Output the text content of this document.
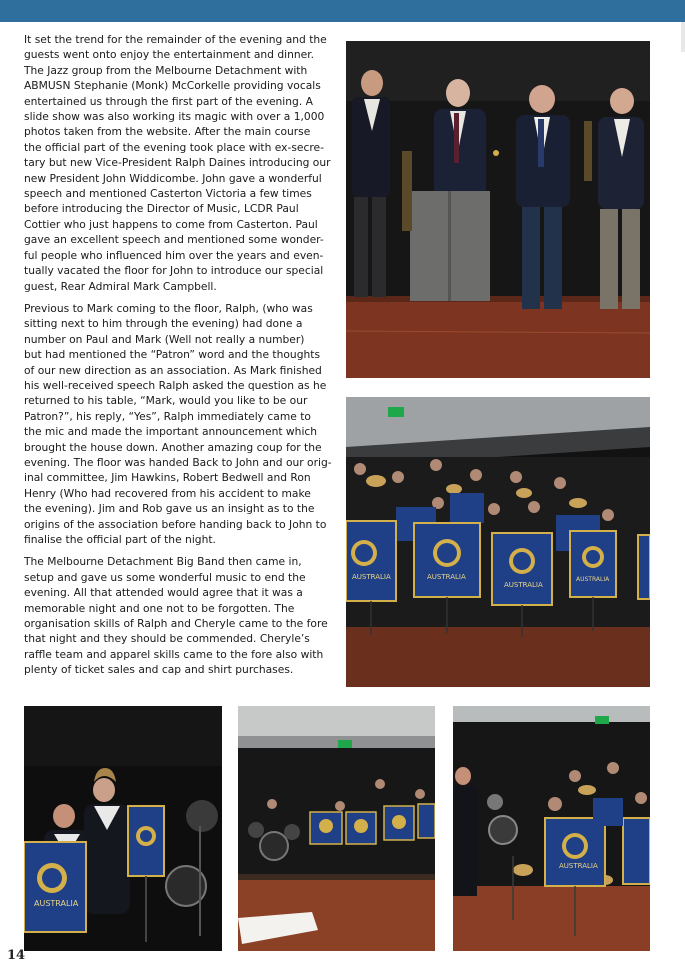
It set the trend for the remainder of the evening and the
guests went onto enjoy the entertainment and dinner.
The Jazz group from the Melbourne Detachment with
ABMUSN Stephanie (Monk) McCorkelle providing vocals
entertained us through the first part of the evening. A
slide show was also working its magic with over a 1,000
photos taken from the website. After the main course
the official part of the evening took place with ex-secre-
tary but new Vice-President Ralph Daines introducing our
new President John Widdicombe. John gave a wonderful
speech and mentioned Casterton Victoria a few times
before introducing the Director of Music, LCDR Paul
Cottier who just happens to come from Casterton. Paul
gave an excellent speech and mentioned some wonder-
ful people who influenced him over the years and even-
tually vacated the floor for John to introduce our special
guest, Rear Admiral Mark Campbell.

Previous to Mark coming to the floor, Ralph, (who was
sitting next to him through the evening) had done a
number on Paul and Mark (Well not really a number)
but had mentioned the “Patron” word and the thoughts
of our new direction as an association. As Mark finished
his well-received speech Ralph asked the question as he
returned to his table, “Mark, would you like to be our
Patron?”, his reply, “Yes”, Ralph immediately came to
the mic and made the important announcement which
brought the house down. Another amazing coup for the
evening. The floor was handed Back to John and our orig-
inal committee, Jim Hawkins, Robert Bedwell and Ron
Henry (Who had recovered from his accident to make
the evening). Jim and Rob gave us an insight as to the
origins of the association before handing back to John to
finalise the official part of the night.

The Melbourne Detachment Big Band then came in,
setup and gave us some wonderful music to end the
evening. All that attended would agree that it was a
memorable night and one not to be forgotten. The
organisation skills of Ralph and Cheryle came to the fore
that night and they should be commended. Cheryle’s
raffle team and apparel skills came to the fore also with
plenty of ticket sales and cap and shirt purchases.

AUSTRALIA	AUSTRALIA
AUSTRALIA
AUSTRALIA
AUSTRALIA
AUSTRALIA
14
